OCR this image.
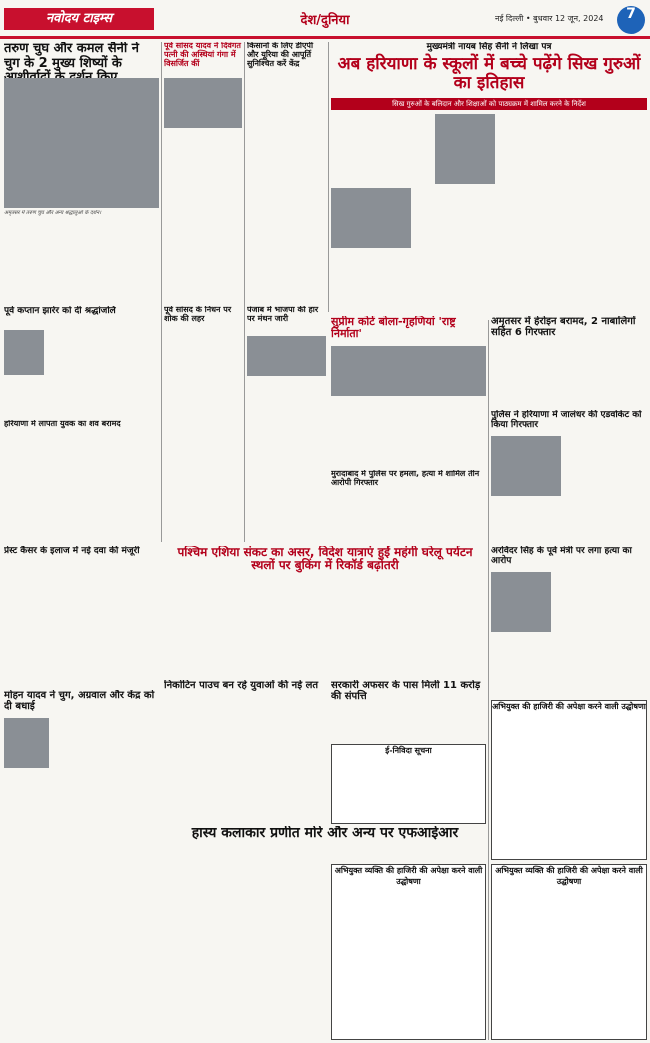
नवोदय टाइम्स	देश/दुनिया	नई दिल्ली • बुधवार 12 जून, 2024	7
तरुण चुघ और कमल सैनी ने चुग के 2 मुख्य शिष्यों के
अमृतसर में तरुण चुघ और अन्य श्रद्धालुओं के दर्शन।
पूर्व सांसद यादव ने दिवंगत पत्नी की अस्थियां गंगा में विसर्जित कीं
किसानों के लिए डीएपी और यूरिया की आपूर्ति सुनिश्चित करें केंद्र
मुख्यमंत्री नायब सिंह सैनी ने लिखा पत्र
अब हरियाणा के स्कूलों में बच्चे पढ़ेंगे सिख गुरुओं का इतिहास
सिख गुरुओं के बलिदान और शिक्षाओं को पाठ्यक्रम में शामिल करने के निर्देश
पूर्व कप्तान झारेर को दी श्रद्धांजलि	पूर्व सांसद के निधन पर शोक की लहर
पंजाब में भाजपा की हार पर मंथन जारी
हरियाणा में लापता युवक का शव बरामद
सुप्रीम कोर्ट बोला-गृहणियां 'राष्ट्र निर्माता'
अमृतसर में हेरोइन बरामद, 2 नाबालिगों सहित 6 गिरफ्तार
मुरादाबाद में पुलिस पर हमला, हत्या में शामिल तीन आरोपी गिरफ्तार
पुलिस ने हरियाणा में जालंधर की एडवोकेट को किया गिरफ्तार
प्रेस्ट कैंसर के इलाज में नई दवा की मंजूरी	पश्चिम एशिया संकट का असर, विदेश यात्राएं हुईं महंगी घरेलू पर्यटन स्थलों पर बुकिंग में रिकॉर्ड बढ़ोतरी
अरविंदर सिंह के पूर्व मंत्री पर लगा हत्या का आरोप
सरकारी अफसर के पास मिली 11 करोड़ की संपत्ति
मोहन यादव ने चुग, अग्रवाल और केंद्र को दी बधाई
निकोटिन पाउच बन रहे युवाओं की नई लत
हास्य कलाकार प्रणीत मोरे और अन्य पर एफआईआर
ई-निविदा सूचना
अभियुक्त की हाजिरी की अपेक्षा करने वाली उद्घोषणा
अभियुक्त व्यक्ति की हाजिरी की अपेक्षा करने वाली उद्घोषणा
अभियुक्त व्यक्ति की हाजिरी की अपेक्षा करने वाली उद्घोषणा
